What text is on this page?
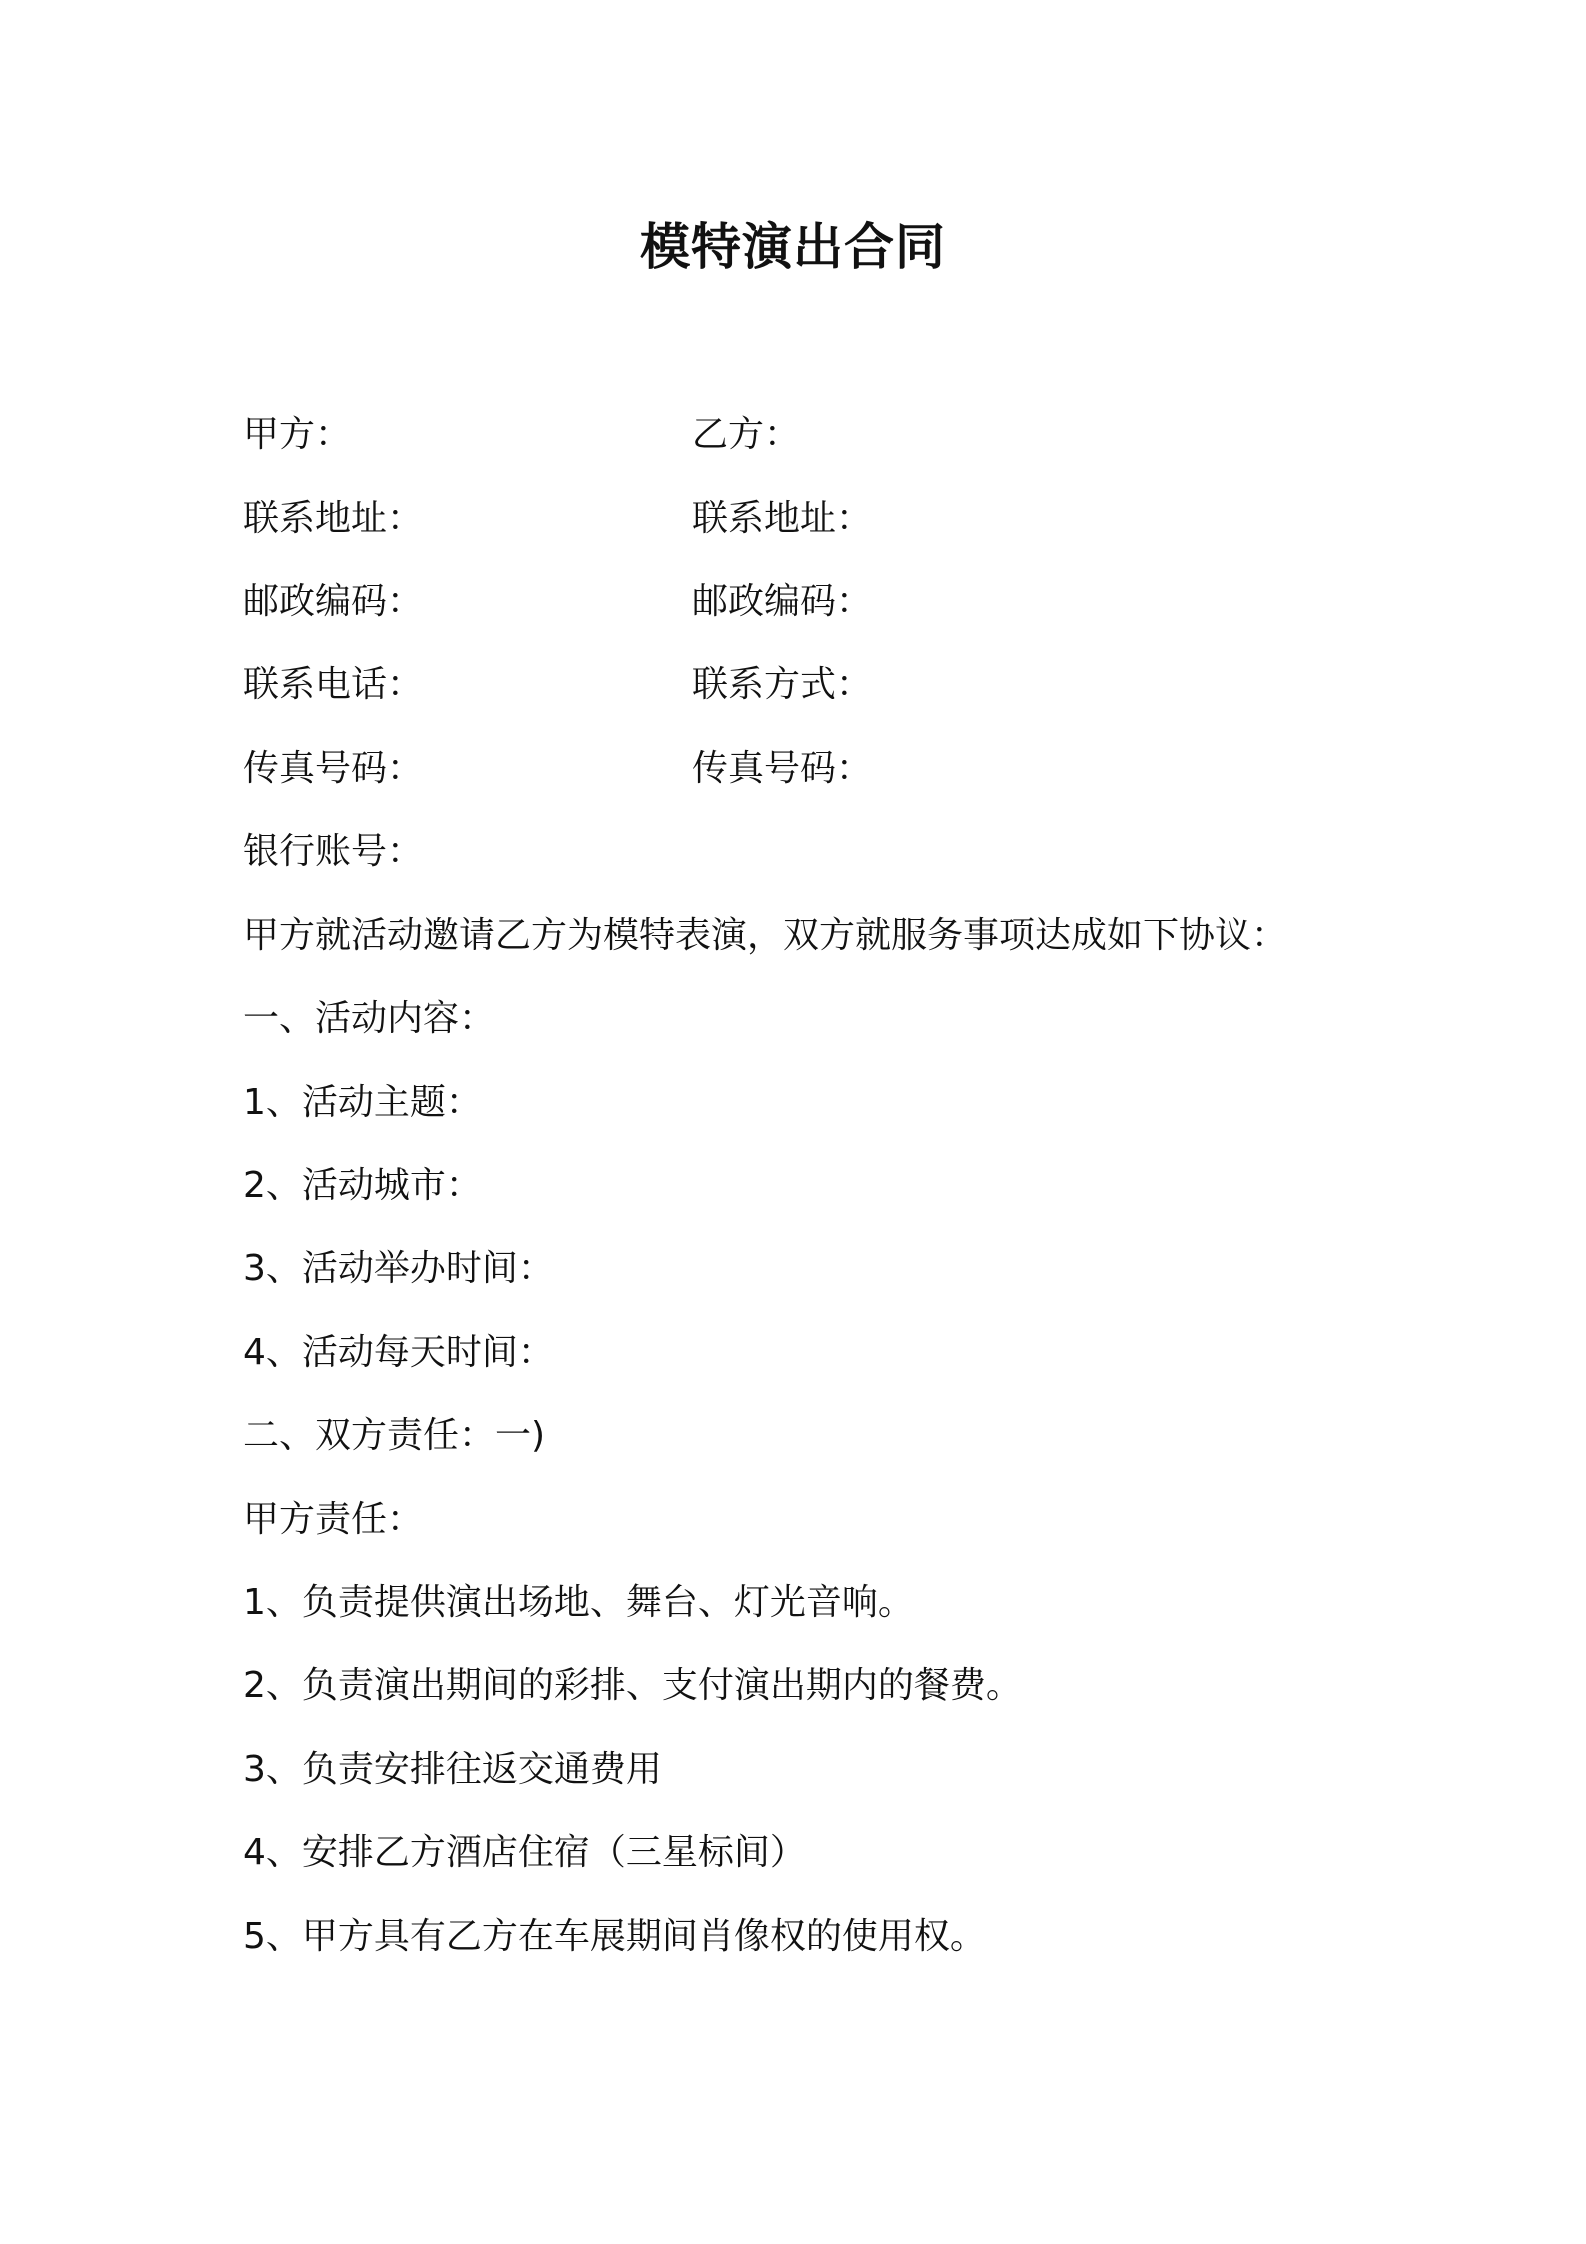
模特演出合同
甲方：
联系地址：
邮政编码：
联系电话：
传真号码：
银行账号：
乙方：
联系地址：
邮政编码：
联系方式：
传真号码：
甲方就活动邀请乙方为模特表演，双方就服务事项达成如下协议：
一、活动内容：
1、活动主题：
2、活动城市：
3、活动举办时间：
4、活动每天时间：
二、双方责任：一)
甲方责任：
1、负责提供演出场地、舞台、灯光音响。
2、负责演出期间的彩排、支付演出期内的餐费。
3、负责安排往返交通费用
4、安排乙方酒店住宿（三星标间）
5、甲方具有乙方在车展期间肖像权的使用权。
